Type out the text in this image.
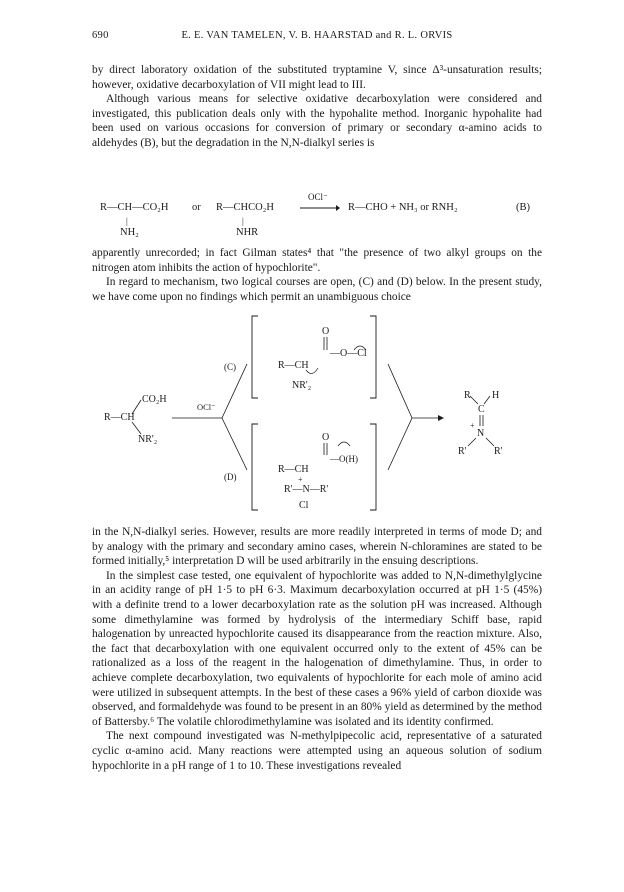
690	E. E. VAN TAMELEN, V. B. HAARSTAD and R. L. ORVIS

by direct laboratory oxidation of the substituted tryptamine V, since Δ³-unsaturation results; however, oxidative decarboxylation of VII might lead to III.

Although various means for selective oxidative decarboxylation were considered and investigated, this publication deals only with the hypohalite method. Inorganic hypohalite had been used on various occasions for conversion of primary or secondary α-amino acids to aldehydes (B), but the degradation in the N,N-dialkyl series is

R—CH—CO₂H
|
NH₂
or R—CHCO₂H
|
NHR
OCl⁻
→ R—CHO + NH₃ or RNH₂	(B)

apparently unrecorded; in fact Gilman states⁴ that "the presence of two alkyl groups on the nitrogen atom inhibits the action of hypochlorite".

In regard to mechanism, two logical courses are open, (C) and (D) below. In the present study, we have come upon no findings which permit an unambiguous choice

CO₂H
R—CH
NR'₂
OCl⁻
(C)
(D)
O
—O—Cl
R—CH
NR'₂
O
—O(H)
R—CH
+
R'—N—R'
Cl
R H
C
+
N
R'	R'

in the N,N-dialkyl series. However, results are more readily interpreted in terms of mode D; and by analogy with the primary and secondary amino cases, wherein N-chloramines are stated to be formed initially,⁵ interpretation D will be used arbitrarily in the ensuing descriptions.

In the simplest case tested, one equivalent of hypochlorite was added to N,N-dimethylglycine in an acidity range of pH 1·5 to pH 6·3. Maximum decarboxylation occurred at pH 1·5 (45%) with a definite trend to a lower decarboxylation rate as the solution pH was increased. Although some dimethylamine was formed by hydrolysis of the intermediary Schiff base, rapid halogenation by unreacted hypochlorite caused its disappearance from the reaction mixture. Also, the fact that decarboxylation with one equivalent occurred only to the extent of 45% can be rationalized as a loss of the reagent in the halogenation of dimethylamine. Thus, in order to achieve complete decarboxylation, two equivalents of hypochlorite for each mole of amino acid were utilized in subsequent attempts. In the best of these cases a 96% yield of carbon dioxide was observed, and formaldehyde was found to be present in an 80% yield as determined by the method of Battersby.⁶ The volatile chlorodimethylamine was isolated and its identity confirmed.

The next compound investigated was N-methylpipecolic acid, representative of a saturated cyclic α-amino acid. Many reactions were attempted using an aqueous solution of sodium hypochlorite in a pH range of 1 to 10. These investigations revealed
